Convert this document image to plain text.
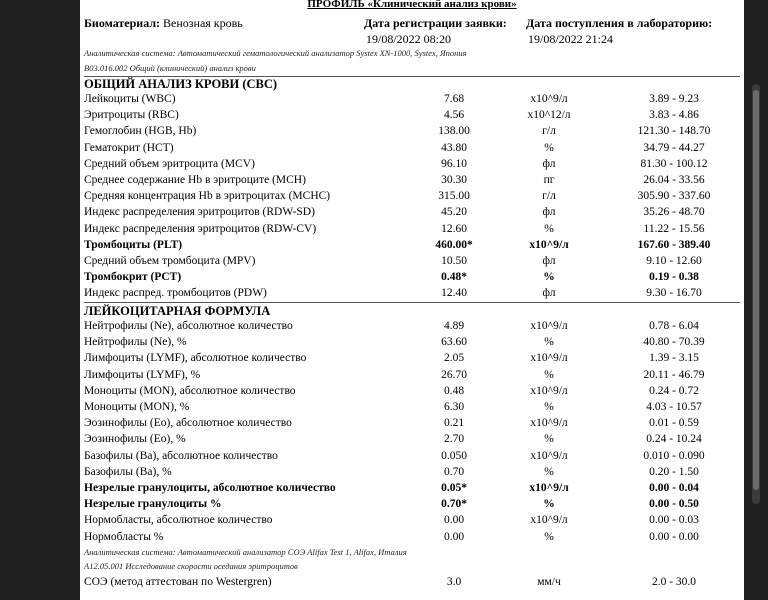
ПРОФИЛЬ «Клинический анализ крови»
Биоматериал: Венозная кровь	Дата регистрации заявки:
19/08/2022 08:20
Дата поступления в лабораторию:
19/08/2022 21:24
Аналитическая система: Автоматический гематологический анализатор Systex XN-1000, Systex, Япония
B03.016.002 Общий (клинический) анализ крови
ОБЩИЙ АНАЛИЗ КРОВИ (CBC)
Лейкоциты (WBC)	7.68	x10^9/л	3.89 - 9.23
Эритроциты (RBC)	4.56	x10^12/л	3.83 - 4.86
Гемоглобин (HGB, Hb)	138.00	г/л	121.30 - 148.70
Гематокрит (HCT)	43.80	%	34.79 - 44.27
Средний объем эритроцита (MCV)	96.10	фл	81.30 - 100.12
Среднее содержание Hb в эритроците (MCH)	30.30	пг	26.04 - 33.56
Средняя концентрация Hb в эритроцитах (MCHC)	315.00	г/л	305.90 - 337.60
Индекс распределения эритроцитов (RDW-SD)	45.20	фл	35.26 - 48.70
Индекс распределения эритроцитов (RDW-CV)	12.60	%	11.22 - 15.56
Тромбоциты (PLT)	460.00*	x10^9/л	167.60 - 389.40
Средний объем тромбоцита (MPV)	10.50	фл	9.10 - 12.60
Тромбокрит (PCT)	0.48*	%	0.19 - 0.38
Индекс распред. тромбоцитов (PDW)	12.40	фл	9.30 - 16.70
ЛЕЙКОЦИТАРНАЯ ФОРМУЛА
Нейтрофилы (Ne), абсолютное количество	4.89	x10^9/л	0.78 - 6.04
Нейтрофилы (Ne), %	63.60	%	40.80 - 70.39
Лимфоциты (LYMF), абсолютное количество	2.05	x10^9/л	1.39 - 3.15
Лимфоциты (LYMF), %	26.70	%	20.11 - 46.79
Моноциты (MON), абсолютное количество	0.48	x10^9/л	0.24 - 0.72
Моноциты (MON), %	6.30	%	4.03 - 10.57
Эозинофилы (Eo), абсолютное количество	0.21	x10^9/л	0.01 - 0.59
Эозинофилы (Eo), %	2.70	%	0.24 - 10.24
Базофилы (Ba), абсолютное количество	0.050	x10^9/л	0.010 - 0.090
Базофилы (Ba), %	0.70	%	0.20 - 1.50
Незрелые гранулоциты, абсолютное количество	0.05*	x10^9/л	0.00 - 0.04
Незрелые гранулоциты %	0.70*	%	0.00 - 0.50
Нормобласты, абсолютное количество	0.00	x10^9/л	0.00 - 0.03
Нормобласты %	0.00	%	0.00 - 0.00
Аналитическая система: Автоматический анализатор СОЭ Alifax Test 1, Alifax, Италия
A12.05.001 Исследование скорости оседания эритроцитов
СОЭ (метод аттестован по Westergren)	3.0	мм/ч	2.0 - 30.0
